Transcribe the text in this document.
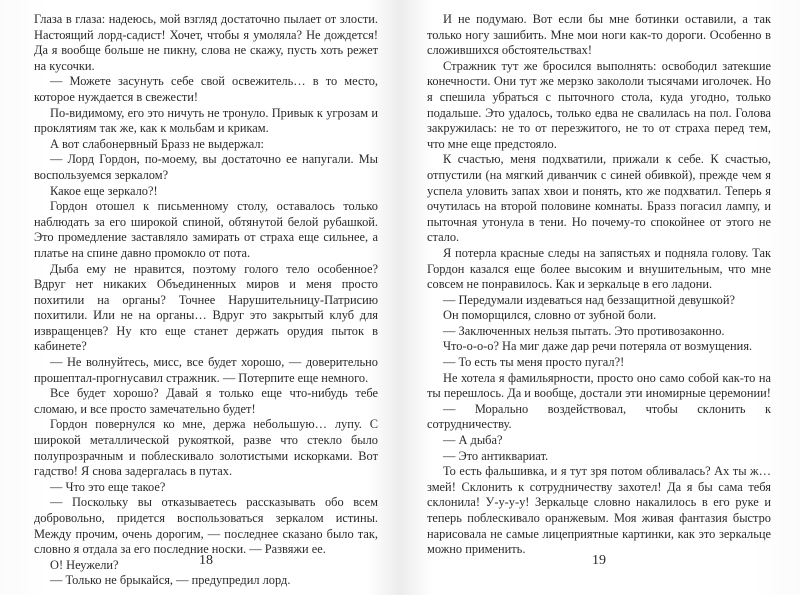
Глаза в глаза: надеюсь, мой взгляд достаточно пылает от злости. Настоящий лорд-садист! Хочет, чтобы я умоляла? Не дождется! Да я вообще больше не пикну, слова не скажу, пусть хоть режет на кусочки.

— Можете засунуть себе свой освежитель… в то место, которое нуждается в свежести!

По-видимому, его это ничуть не тронуло. Привык к угрозам и проклятиям так же, как к мольбам и крикам.

А вот слабонервный Бразз не выдержал:

— Лорд Гордон, по-моему, вы достаточно ее напугали. Мы воспользуемся зеркалом?

Какое еще зеркало?!

Гордон отошел к письменному столу, оставалось только наблюдать за его широкой спиной, обтянутой белой рубашкой. Это промедление заставляло замирать от страха еще сильнее, а платье на спине давно промокло от пота.

Дыба ему не нравится, поэтому голого тело особенное? Вдруг нет никаких Объединенных миров и меня просто похитили на органы? Точнее Нарушительницу-Патрисию похитили. Или не на органы… Вдруг это закрытый клуб для извращенцев? Ну кто еще станет держать орудия пыток в кабинете?

— Не волнуйтесь, мисс, все будет хорошо, — доверительно прошептал-прогнусавил стражник. — Потерпите еще немного.

Все будет хорошо? Давай я только еще что-нибудь тебе сломаю, и все просто замечательно будет!

Гордон повернулся ко мне, держа небольшую… лупу. С широкой металлической рукояткой, разве что стекло было полупрозрачным и поблескивало золотистыми искорками. Вот гадство! Я снова задергалась в путах.

— Что это еще такое?

— Поскольку вы отказываетесь рассказывать обо всем добровольно, придется воспользоваться зеркалом истины. Между прочим, очень дорогим, — последнее сказано было так, словно я отдала за его последние носки. — Развяжи ее.

О! Неужели?

— Только не брыкайся, — предупредил лорд.

18

И не подумаю. Вот если бы мне ботинки оставили, а так только ногу зашибить. Мне мои ноги как-то дороги. Особенно в сложившихся обстоятельствах!

Стражник тут же бросился выполнять: освободил затекшие конечности. Они тут же мерзко закололи тысячами иголочек. Но я спешила убраться с пыточного стола, куда угодно, только подальше. Это удалось, только едва не свалилась на пол. Голова закружилась: не то от перезжитого, не то от страха перед тем, что мне еще предстояло.

К счастью, меня подхватили, прижали к себе. К счастью, отпустили (на мягкий диванчик с синей обивкой), прежде чем я успела уловить запах хвои и понять, кто же подхватил. Теперь я очутилась на второй половине комнаты. Бразз погасил лампу, и пыточная утонула в тени. Но почему-то спокойнее от этого не стало.

Я потерла красные следы на запястьях и подняла голову. Так Гордон казался еще более высоким и внушительным, что мне совсем не понравилось. Как и зеркальце в его ладони.

— Передумали издеваться над беззащитной девушкой?

Он поморщился, словно от зубной боли.

— Заключенных нельзя пытать. Это противозаконно.

Что-о-о-о? На миг даже дар речи потеряла от возмущения.

— То есть ты меня просто пугал?!

Не хотела я фамильярности, просто оно само собой как-то на ты перешлось. Да и вообще, достали эти иномирные церемонии!

— Морально воздействовал, чтобы склонить к сотрудничеству.

— А дыба?

— Это антиквариат.

То есть фальшивка, и я тут зря потом обливалась? Ах ты ж… змей! Склонить к сотрудничеству захотел! Да я бы сама тебя склонила! У-у-у-у! Зеркальце словно накалилось в его руке и теперь поблескивало оранжевым. Моя живая фантазия быстро нарисовала не самые лицеприятные картинки, как это зеркальце можно применить.

19
